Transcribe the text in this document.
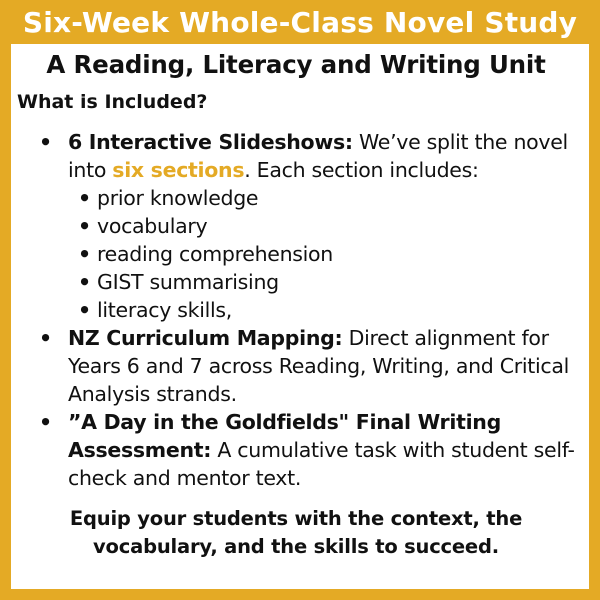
Six-Week Whole-Class Novel Study
A Reading, Literacy and Writing Unit
What is Included?
• 6 Interactive Slideshows: We’ve split the novel into six sections. Each section includes:
• prior knowledge
• vocabulary
• reading comprehension
• GIST summarising
• literacy skills,
• NZ Curriculum Mapping: Direct alignment for Years 6 and 7 across Reading, Writing, and Critical Analysis strands.
• ”A Day in the Goldfields" Final Writing Assessment: A cumulative task with student self-check and mentor text.
Equip your students with the context, the vocabulary, and the skills to succeed.
